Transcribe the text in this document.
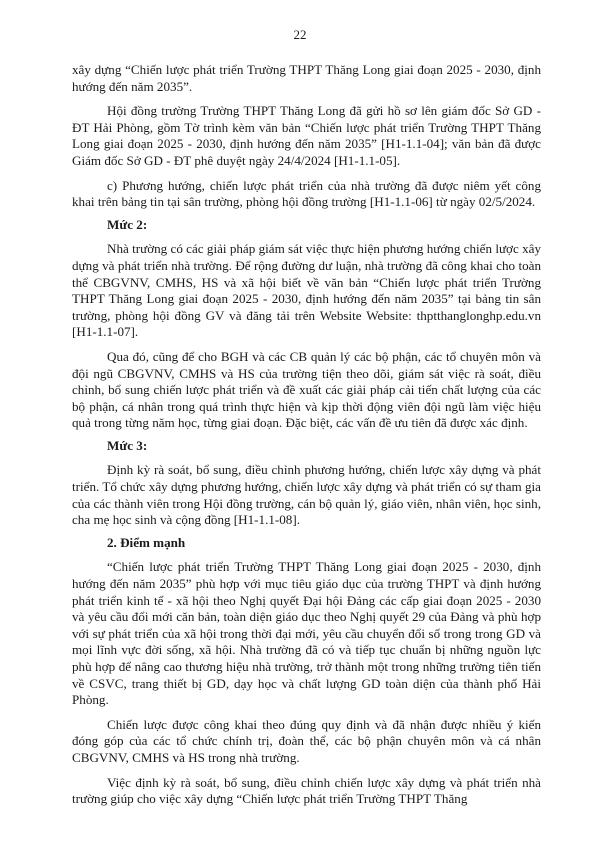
22

xây dựng “Chiến lược phát triển Trường THPT Thăng Long giai đoạn 2025 - 2030, định hướng đến năm 2035”.

Hội đồng trường Trường THPT Thăng Long đã gửi hồ sơ lên giám đốc Sở GD - ĐT Hải Phòng, gồm Tờ trình kèm văn bản “Chiến lược phát triển Trường THPT Thăng Long giai đoạn 2025 - 2030, định hướng đến năm 2035” [H1-1.1-04]; văn bản đã được Giám đốc Sở GD - ĐT phê duyệt ngày 24/4/2024 [H1-1.1-05].

c) Phương hướng, chiến lược phát triển của nhà trường đã được niêm yết công khai trên bảng tin tại sân trường, phòng hội đồng trường [H1-1.1-06] từ ngày 02/5/2024.

Mức 2:

Nhà trường có các giải pháp giám sát việc thực hiện phương hướng chiến lược xây dựng và phát triển nhà trường. Để rộng đường dư luận, nhà trường đã công khai cho toàn thể CBGVNV, CMHS, HS và xã hội biết về văn bản “Chiến lược phát triển Trường THPT Thăng Long giai đoạn 2025 - 2030, định hướng đến năm 2035” tại bảng tin sân trường, phòng hội đồng GV và đăng tải trên Website Website: thptthanglonghp.edu.vn [H1-1.1-07].

Qua đó, cũng để cho BGH và các CB quản lý các bộ phận, các tổ chuyên môn và đội ngũ CBGVNV, CMHS và HS của trường tiện theo dõi, giám sát việc rà soát, điều chỉnh, bổ sung chiến lược phát triển và đề xuất các giải pháp cải tiến chất lượng của các bộ phận, cá nhân trong quá trình thực hiện và kịp thời động viên đội ngũ làm việc hiệu quả trong từng năm học, từng giai đoạn. Đặc biệt, các vấn đề ưu tiên đã được xác định.

Mức 3:

Định kỳ rà soát, bổ sung, điều chỉnh phương hướng, chiến lược xây dựng và phát triển. Tổ chức xây dựng phương hướng, chiến lược xây dựng và phát triển có sự tham gia của các thành viên trong Hội đồng trường, cán bộ quản lý, giáo viên, nhân viên, học sinh, cha mẹ học sinh và cộng đồng [H1-1.1-08].

2. Điểm mạnh

“Chiến lược phát triển Trường THPT Thăng Long giai đoạn 2025 - 2030, định hướng đến năm 2035” phù hợp với mục tiêu giáo dục của trường THPT và định hướng phát triển kinh tế - xã hội theo Nghị quyết Đại hội Đảng các cấp giai đoạn 2025 - 2030 và yêu cầu đổi mới căn bản, toàn diện giáo dục theo Nghị quyết 29 của Đảng và phù hợp với sự phát triển của xã hội trong thời đại mới, yêu cầu chuyển đổi số trong trong GD và mọi lĩnh vực đời sống, xã hội. Nhà trường đã có và tiếp tục chuẩn bị những nguồn lực phù hợp để nâng cao thương hiệu nhà trường, trở thành một trong những trường tiên tiến về CSVC, trang thiết bị GD, dạy học và chất lượng GD toàn diện của thành phố Hải Phòng.

Chiến lược được công khai theo đúng quy định và đã nhận được nhiều ý kiến đóng góp của các tổ chức chính trị, đoàn thể, các bộ phận chuyên môn và cá nhân CBGVNV, CMHS và HS trong nhà trường.

Việc định kỳ rà soát, bổ sung, điều chỉnh chiến lược xây dựng và phát triển nhà trường giúp cho việc xây dựng “Chiến lược phát triển Trường THPT Thăng
